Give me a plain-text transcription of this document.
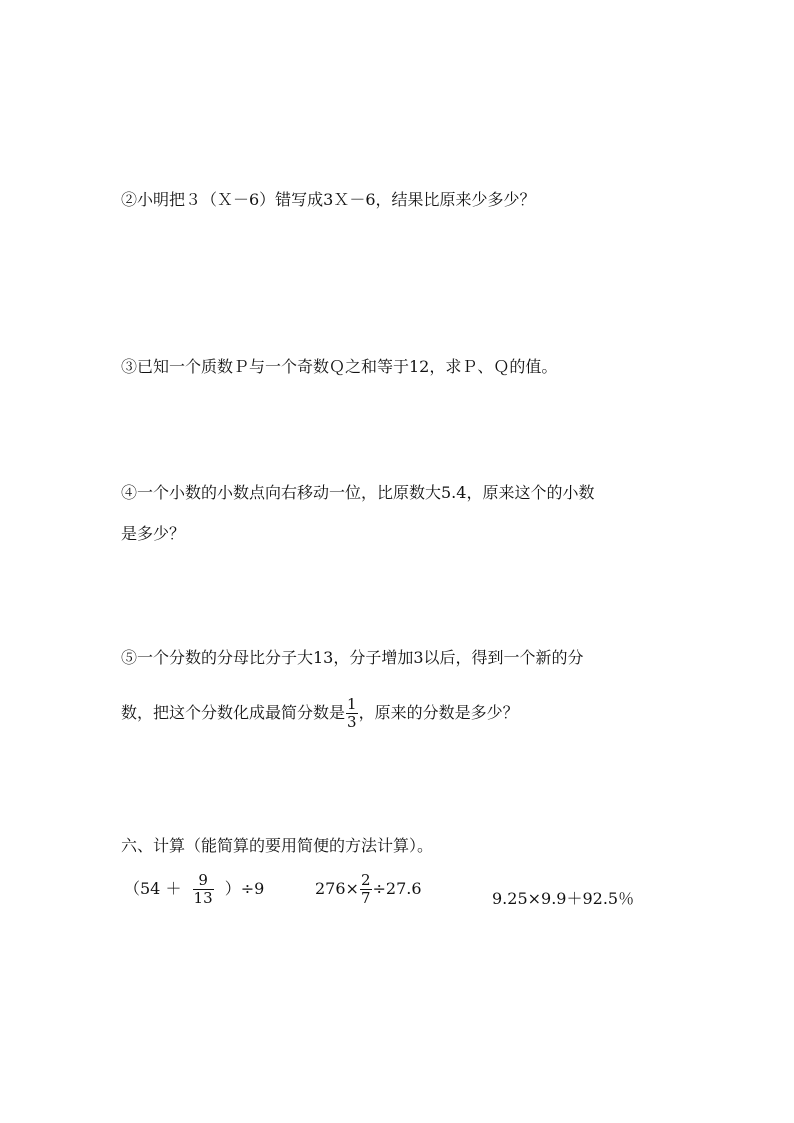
②小明把３（Ｘ－6）错写成3Ｘ－6，结果比原来少多少？
③已知一个质数Ｐ与一个奇数Ｑ之和等于12，求Ｐ、Ｑ的值。
④一个小数的小数点向右移动一位，比原数大5.4，原来这个的小数
是多少？
⑤一个分数的分母比分子大13，分子增加3以后，得到一个新的分
数，把这个分数化成最简分数是 $\frac{1}{3}$ ，原来的分数是多少？
六、计算（能简算的要用简便的方法计算）。
$(54 + \frac{9}{13} )\div 9$	$276\times \frac{2}{7} \div 27.6$
9.25×9.9＋92.5％
